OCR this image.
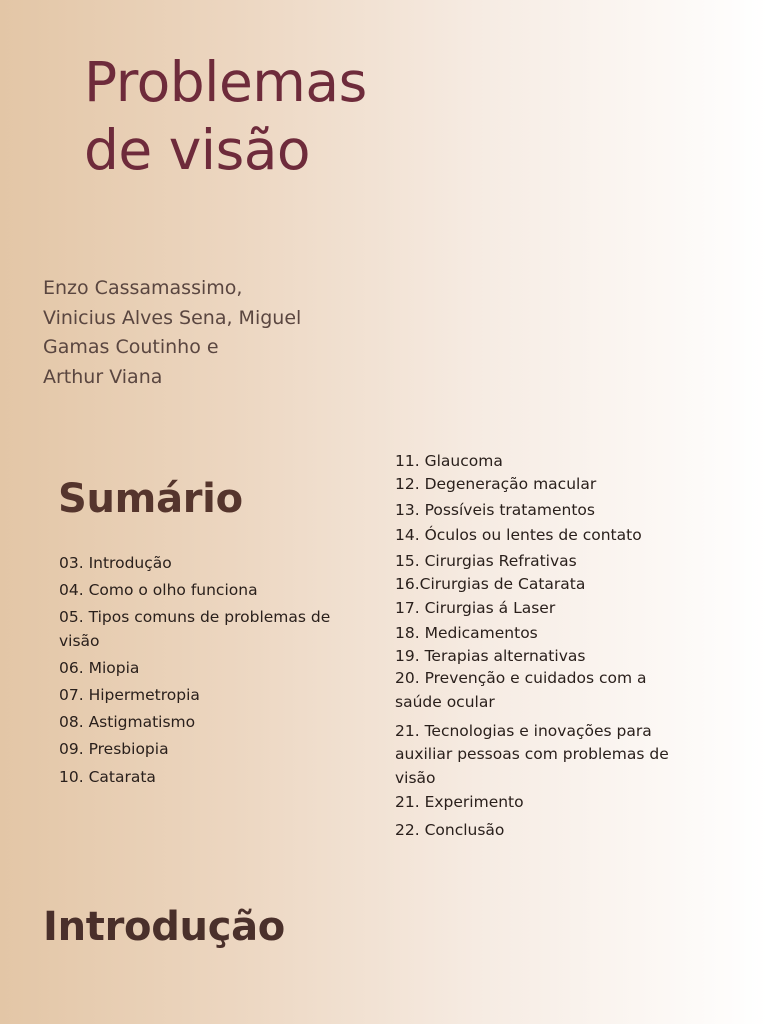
Problemas
de visão
Enzo Cassamassimo,
Vinicius Alves Sena, Miguel
Gamas Coutinho e
Arthur Viana
Sumário
03. Introdução
04. Como o olho funciona
05. Tipos comuns de problemas de
visão
06. Miopia
07. Hipermetropia
08. Astigmatismo
09. Presbiopia
10. Catarata
11. Glaucoma
12. Degeneração macular
13. Possíveis tratamentos
14. Óculos ou lentes de contato
15. Cirurgias Refrativas
16.Cirurgias de Catarata
17. Cirurgias á Laser
18. Medicamentos
19. Terapias alternativas
20. Prevenção e cuidados com a
saúde ocular
21. Tecnologias e inovações para
auxiliar pessoas com problemas de
visão
21. Experimento
22. Conclusão
Introdução
